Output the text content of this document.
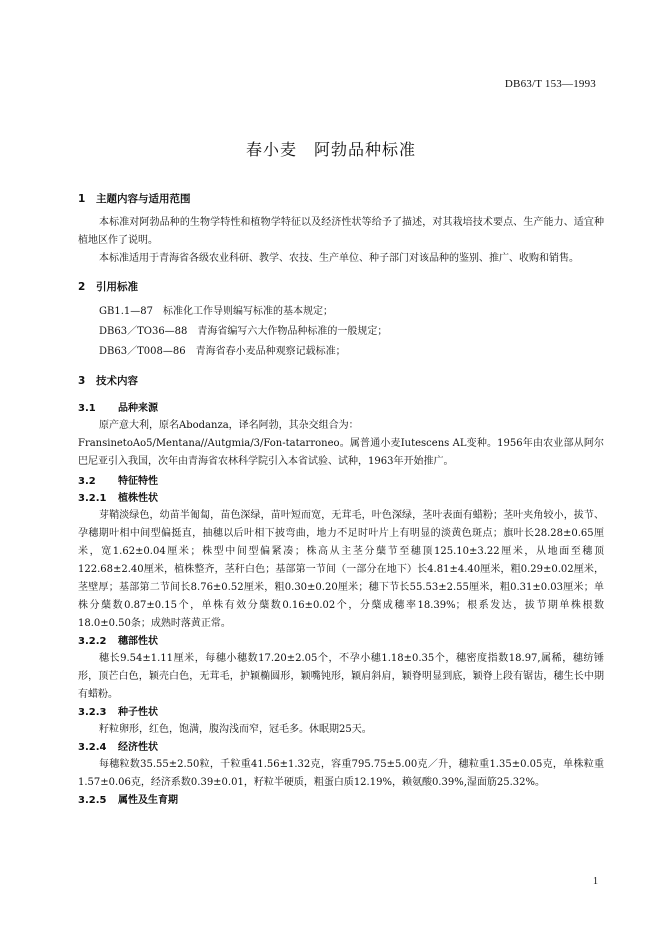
DB63/T 153—1993
春小麦　阿勃品种标准

1 主题内容与适用范围

本标准对阿勃品种的生物学特性和植物学特征以及经济性状等给予了描述，对其栽培技术要点、生产能力、适宜种植地区作了说明。

本标准适用于青海省各级农业科研、教学、农技、生产单位、种子部门对该品种的鉴别、推广、收购和销售。

2 引用标准

GB1.1—87　标准化工作导则编写标准的基本规定；

DB63／TO36—88　青海省编写六大作物品种标准的一般规定；

DB63／T008—86　青海省春小麦品种观察记载标准；

3 技术内容

3.1 品种来源

原产意大利，原名Abodanza，译名阿勃，其杂交组合为：

FransinetoAo5/Mentana//Autgmia/3/Fon-tatarroneo。属普通小麦Iutescens AL变种。1956年由农业部从阿尔巴尼亚引入我国，次年由青海省农林科学院引入本省试验、试种，1963年开始推广。

3.2 特征特性

3.2.1 植株性状

芽鞘淡绿色，幼苗半匍匐，苗色深绿，苗叶短而宽，无茸毛，叶色深绿，茎叶表面有蜡粉；茎叶夹角较小，拔节、孕穗期叶相中间型偏挺直，抽穗以后叶相下披弯曲，地力不足时叶片上有明显的淡黄色斑点；旗叶长28.28±0.65厘米，宽1.62±0.04厘米；株型中间型偏紧凑；株高从主茎分蘖节至穗顶125.10±3.22厘米，从地面至穗顶122.68±2.40厘米，植株整齐，茎秆白色；基部第一节间（一部分在地下）长4.81±4.40厘米，粗0.29±0.02厘米，茎壁厚；基部第二节间长8.76±0.52厘米，粗0.30±0.20厘米；穗下节长55.53±2.55厘米，粗0.31±0.03厘米；单株分蘖数0.87±0.15个，单株有效分蘖数0.16±0.02个，分蘖成穗率18.39%；根系发达，拔节期单株根数18.0±0.50条；成熟时落黄正常。

3.2.2 穗部性状

穗长9.54±1.11厘米，每穗小穗数17.20±2.05个，不孕小穗1.18±0.35个，穗密度指数18.97,属稀，穗纺锤形，顶芒白色，颖壳白色，无茸毛，护颖椭圆形，颖嘴钝形，颖肩斜肩，颖脊明显到底，颖脊上段有锯齿，穗生长中期有蜡粉。

3.2.3 种子性状

籽粒卵形，红色，饱满，腹沟浅而窄，冠毛多。休眠期25天。

3.2.4 经济性状

每穗粒数35.55±2.50粒，千粒重41.56±1.32克，容重795.75±5.00克／升，穗粒重1.35±0.05克，单株粒重1.57±0.06克，经济系数0.39±0.01，籽粒半硬质，粗蛋白质12.19%，赖氨酸0.39%,湿面筋25.32%。

3.2.5 属性及生育期

1
